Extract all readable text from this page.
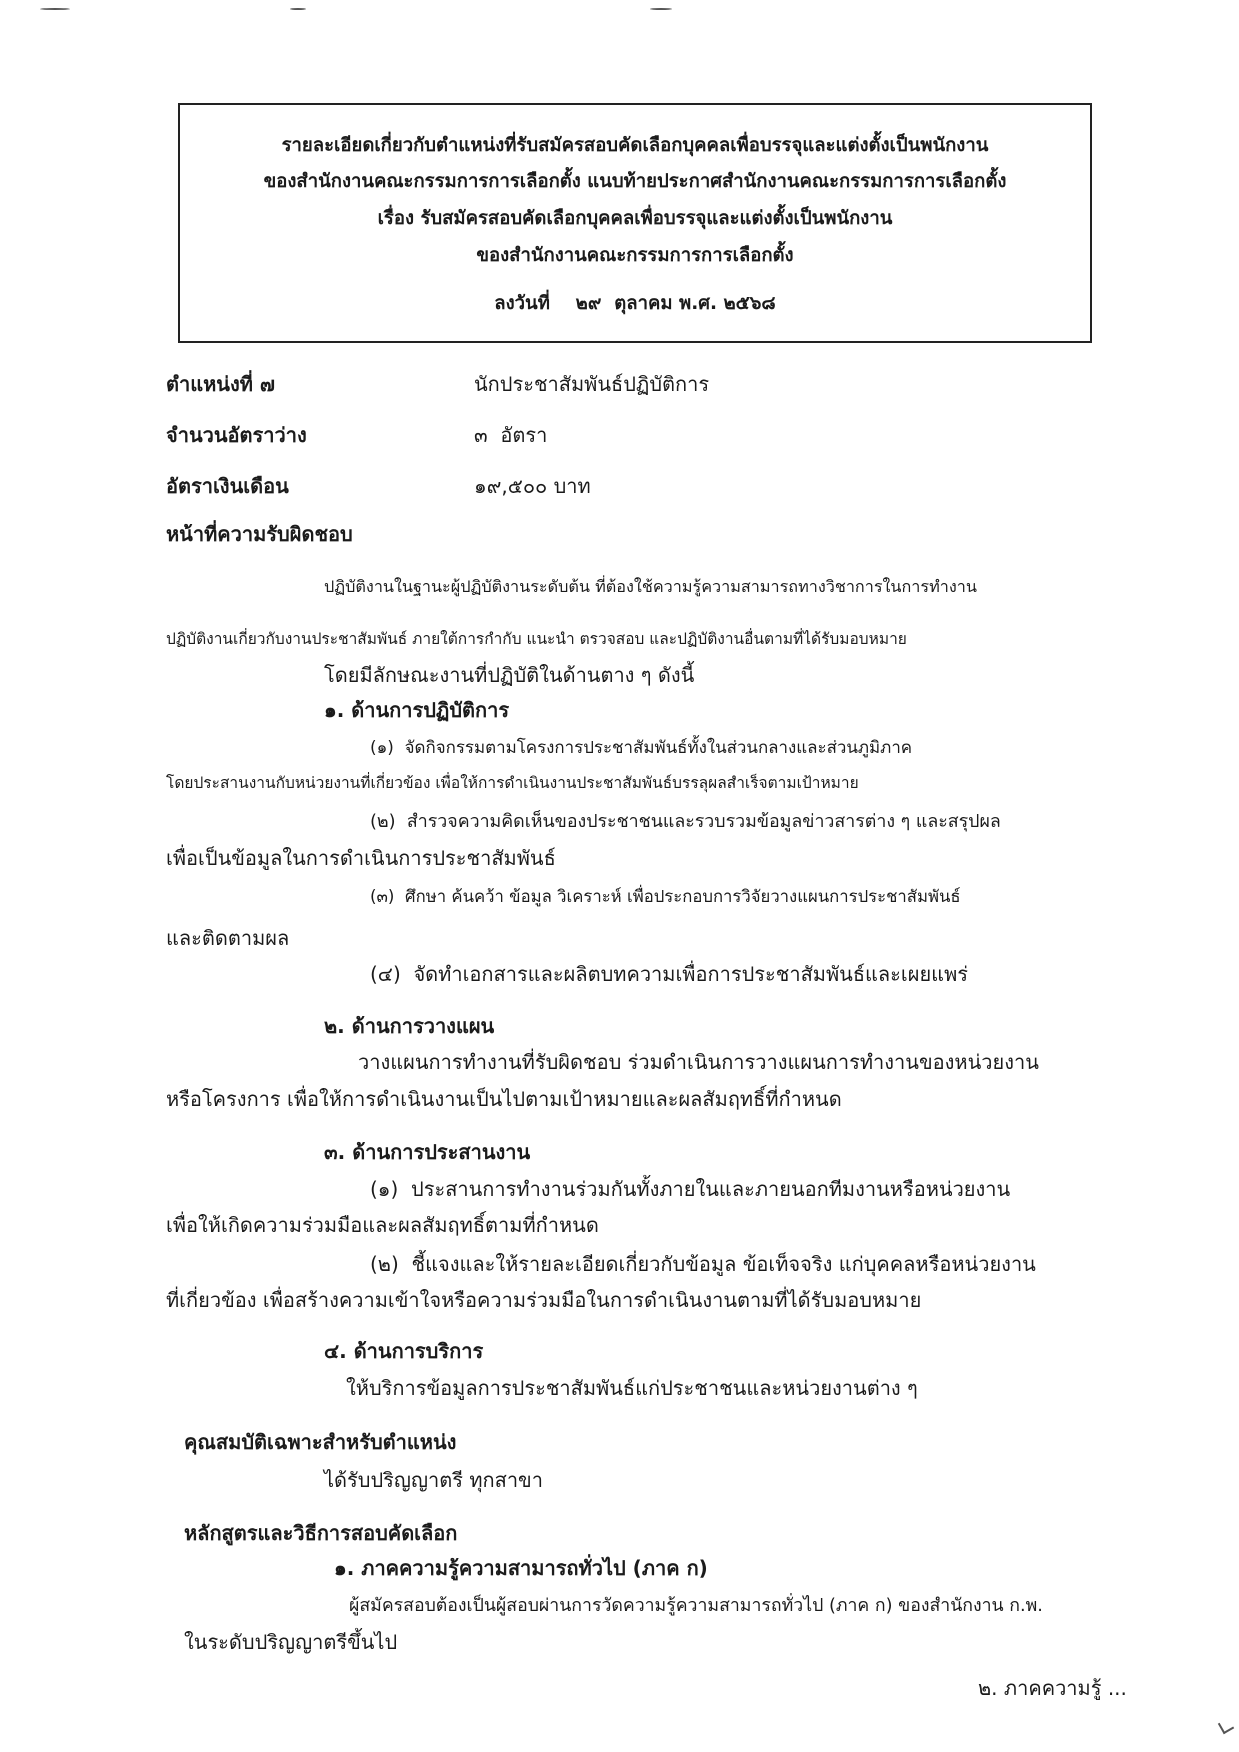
รายละเอียดเกี่ยวกับตำแหน่งที่รับสมัครสอบคัดเลือกบุคคลเพื่อบรรจุและแต่งตั้งเป็นพนักงาน
ของสำนักงานคณะกรรมการการเลือกตั้ง แนบท้ายประกาศสำนักงานคณะกรรมการการเลือกตั้ง
เรื่อง รับสมัครสอบคัดเลือกบุคคลเพื่อบรรจุและแต่งตั้งเป็นพนักงาน
ของสำนักงานคณะกรรมการการเลือกตั้ง
ลงวันที่    ๒๙  ตุลาคม พ.ศ. ๒๕๖๘
ตำแหน่งที่ ๗	นักประชาสัมพันธ์ปฏิบัติการ
จำนวนอัตราว่าง	๓  อัตรา
อัตราเงินเดือน	๑๙,๕๐๐ บาท
หน้าที่ความรับผิดชอบ
ปฏิบัติงานในฐานะผู้ปฏิบัติงานระดับต้น ที่ต้องใช้ความรู้ความสามารถทางวิชาการในการทำงาน
ปฏิบัติงานเกี่ยวกับงานประชาสัมพันธ์ ภายใต้การกำกับ แนะนำ ตรวจสอบ และปฏิบัติงานอื่นตามที่ได้รับมอบหมาย
โดยมีลักษณะงานที่ปฏิบัติในด้านตาง ๆ ดังนี้
๑. ด้านการปฏิบัติการ
(๑)  จัดกิจกรรมตามโครงการประชาสัมพันธ์ทั้งในส่วนกลางและส่วนภูมิภาค
โดยประสานงานกับหน่วยงานที่เกี่ยวข้อง เพื่อให้การดำเนินงานประชาสัมพันธ์บรรลุผลสำเร็จตามเป้าหมาย
(๒)  สำรวจความคิดเห็นของประชาชนและรวบรวมข้อมูลข่าวสารต่าง ๆ และสรุปผล
เพื่อเป็นข้อมูลในการดำเนินการประชาสัมพันธ์
(๓)  ศึกษา ค้นคว้า ข้อมูล วิเคราะห์ เพื่อประกอบการวิจัยวางแผนการประชาสัมพันธ์
และติดตามผล
(๔)  จัดทำเอกสารและผลิตบทความเพื่อการประชาสัมพันธ์และเผยแพร่
๒. ด้านการวางแผน
วางแผนการทำงานที่รับผิดชอบ ร่วมดำเนินการวางแผนการทำงานของหน่วยงาน
หรือโครงการ เพื่อให้การดำเนินงานเป็นไปตามเป้าหมายและผลสัมฤทธิ์ที่กำหนด
๓. ด้านการประสานงาน
(๑)  ประสานการทำงานร่วมกันทั้งภายในและภายนอกทีมงานหรือหน่วยงาน
เพื่อให้เกิดความร่วมมือและผลสัมฤทธิ์ตามที่กำหนด
(๒)  ชี้แจงและให้รายละเอียดเกี่ยวกับข้อมูล ข้อเท็จจริง แก่บุคคลหรือหน่วยงาน
ที่เกี่ยวข้อง เพื่อสร้างความเข้าใจหรือความร่วมมือในการดำเนินงานตามที่ได้รับมอบหมาย
๔. ด้านการบริการ
ให้บริการข้อมูลการประชาสัมพันธ์แก่ประชาชนและหน่วยงานต่าง ๆ
คุณสมบัติเฉพาะสำหรับตำแหน่ง
ได้รับปริญญาตรี ทุกสาขา
หลักสูตรและวิธีการสอบคัดเลือก
๑. ภาคความรู้ความสามารถทั่วไป (ภาค ก)
ผู้สมัครสอบต้องเป็นผู้สอบผ่านการวัดความรู้ความสามารถทั่วไป (ภาค ก) ของสำนักงาน ก.พ.
ในระดับปริญญาตรีขึ้นไป
๒. ภาคความรู้ ...
